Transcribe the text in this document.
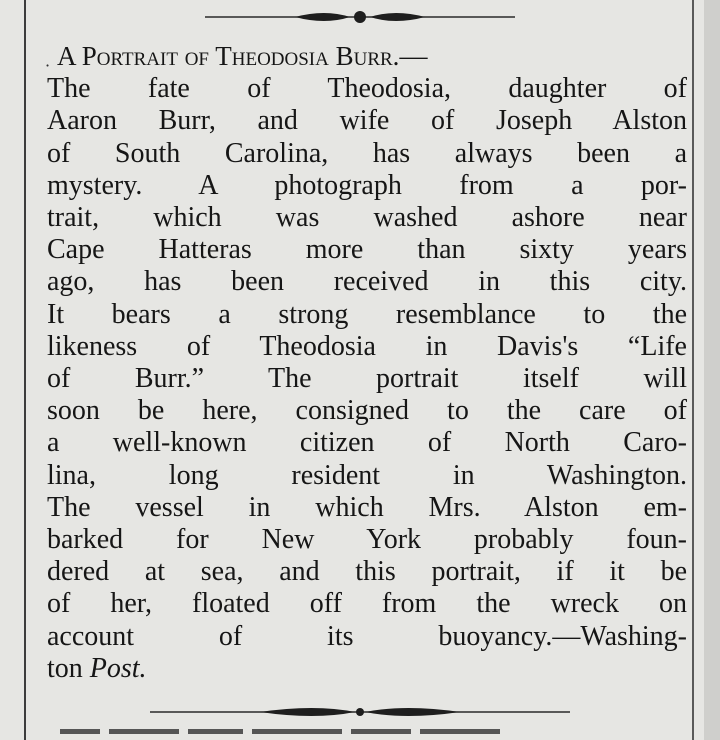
· A Portrait of Theodosia Burr.—
The fate of Theodosia, daughter of
Aaron Burr, and wife of Joseph Alston
of South Carolina, has always been a
mystery. A photograph from a por-
trait, which was washed ashore near
Cape Hatteras more than sixty years
ago, has been received in this city.
It bears a strong resemblance to the
likeness of Theodosia in Davis's “Life
of Burr.” The portrait itself will
soon be here, consigned to the care of
a well-known citizen of North Caro-
lina, long resident in Washington.
The vessel in which Mrs. Alston em-
barked for New York probably foun-
dered at sea, and this portrait, if it be
of her, floated off from the wreck on
account of its buoyancy.—Washing-
ton Post.
